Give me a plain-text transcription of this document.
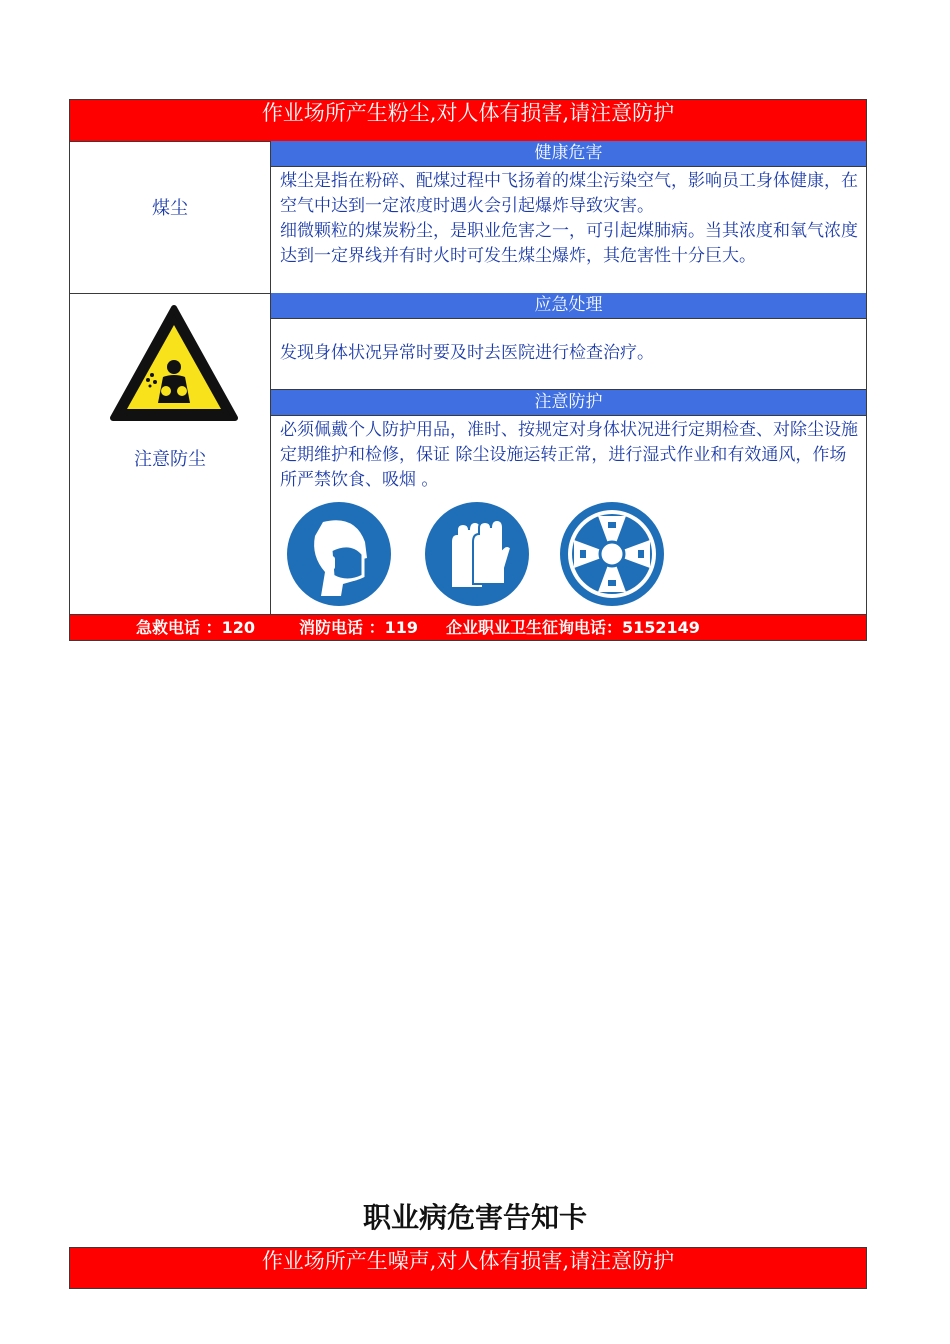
作业场所产生粉尘,对人体有损害,请注意防护
煤尘
健康危害
煤尘是指在粉碎、配煤过程中飞扬着的煤尘污染空气，影响员工身体健康，在空气中达到一定浓度时遇火会引起爆炸导致灾害。
细微颗粒的煤炭粉尘，是职业危害之一，可引起煤肺病。当其浓度和氧气浓度达到一定界线并有时火时可发生煤尘爆炸，其危害性十分巨大。
注意防尘
应急处理
发现身体状况异常时要及时去医院进行检查治疗。
注意防护
必须佩戴个人防护用品，准时、按规定对身体状况进行定期检查、对除尘设施定期维护和检修，保证 除尘设施运转正常，进行湿式作业和有效通风，作场所严禁饮食、吸烟 。
急救电话 ：120	消防电话 ：119 企业职业卫生征询电话：5152149
职业病危害告知卡
作业场所产生噪声,对人体有损害,请注意防护
